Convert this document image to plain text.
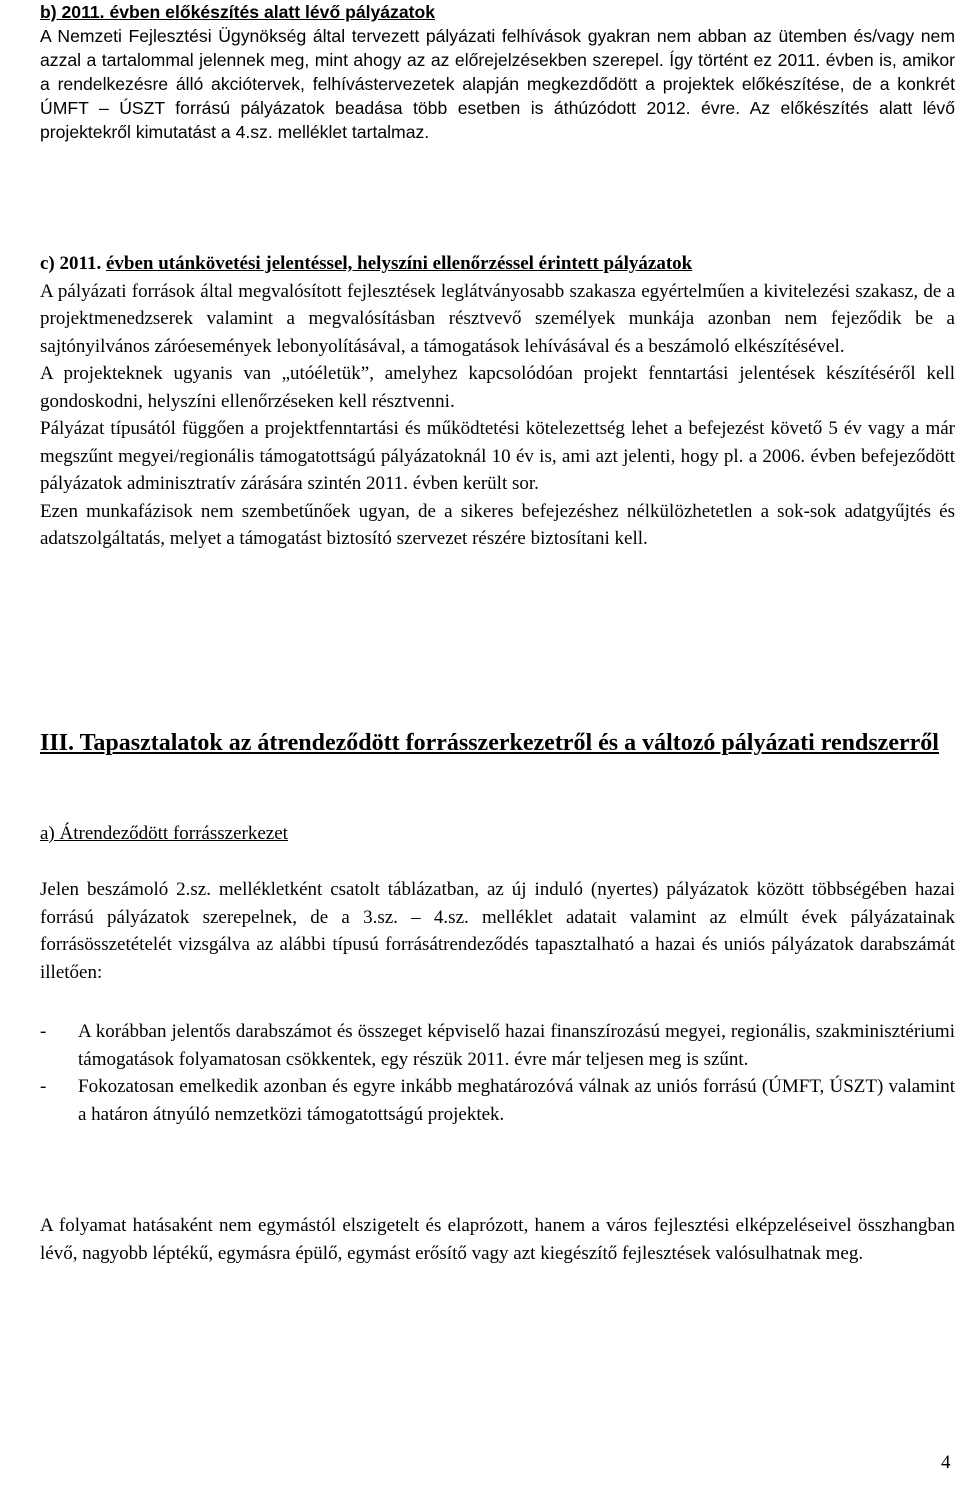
b) 2011. évben előkészítés alatt lévő pályázatok

A Nemzeti Fejlesztési Ügynökség által tervezett pályázati felhívások gyakran nem abban az ütemben és/vagy nem azzal a tartalommal jelennek meg, mint ahogy az az előrejelzésekben szerepel. Így történt ez 2011. évben is, amikor a rendelkezésre álló akciótervek, felhívástervezetek alapján megkezdődött a projektek előkészítése, de a konkrét ÚMFT – ÚSZT forrású pályázatok beadása több esetben is áthúzódott 2012. évre. Az előkészítés alatt lévő projektekről kimutatást a 4.sz. melléklet tartalmaz.

c) 2011. évben utánkövetési jelentéssel, helyszíni ellenőrzéssel érintett pályázatok

A pályázati források által megvalósított fejlesztések leglátványosabb szakasza egyértelműen a kivitelezési szakasz, de a projektmenedzserek valamint a megvalósításban résztvevő személyek munkája azonban nem fejeződik be a sajtónyilvános záróesemények lebonyolításával, a támogatások lehívásával és a beszámoló elkészítésével.

A projekteknek ugyanis van „utóéletük”, amelyhez kapcsolódóan projekt fenntartási jelentések készítéséről kell gondoskodni, helyszíni ellenőrzéseken kell résztvenni.

Pályázat típusától függően a projektfenntartási és működtetési kötelezettség lehet a befejezést követő 5 év vagy a már megszűnt megyei/regionális támogatottságú pályázatoknál 10 év is, ami azt jelenti, hogy pl. a 2006. évben befejeződött pályázatok adminisztratív zárására szintén 2011. évben került sor.

Ezen munkafázisok nem szembetűnőek ugyan, de a sikeres befejezéshez nélkülözhetetlen a sok-sok adatgyűjtés és adatszolgáltatás, melyet a támogatást biztosító szervezet részére biztosítani kell.

III. Tapasztalatok az átrendeződött forrásszerkezetről és a változó pályázati rendszerről

a) Átrendeződött forrásszerkezet

Jelen beszámoló 2.sz. mellékletként csatolt táblázatban, az új induló (nyertes) pályázatok között többségében hazai forrású pályázatok szerepelnek, de a 3.sz. – 4.sz. melléklet adatait valamint az elmúlt évek pályázatainak forrásösszetételét vizsgálva az alábbi típusú forrásátrendeződés tapasztalható a hazai és uniós pályázatok darabszámát illetően:

- A korábban jelentős darabszámot és összeget képviselő hazai finanszírozású megyei, regionális, szakminisztériumi támogatások folyamatosan csökkentek, egy részük 2011. évre már teljesen meg is szűnt.
- Fokozatosan emelkedik azonban és egyre inkább meghatározóvá válnak az uniós forrású (ÚMFT, ÚSZT) valamint a határon átnyúló nemzetközi támogatottságú projektek.

A folyamat hatásaként nem egymástól elszigetelt és elaprózott, hanem a város fejlesztési elképzeléseivel összhangban lévő, nagyobb léptékű, egymásra épülő, egymást erősítő vagy azt kiegészítő fejlesztések valósulhatnak meg.

4
